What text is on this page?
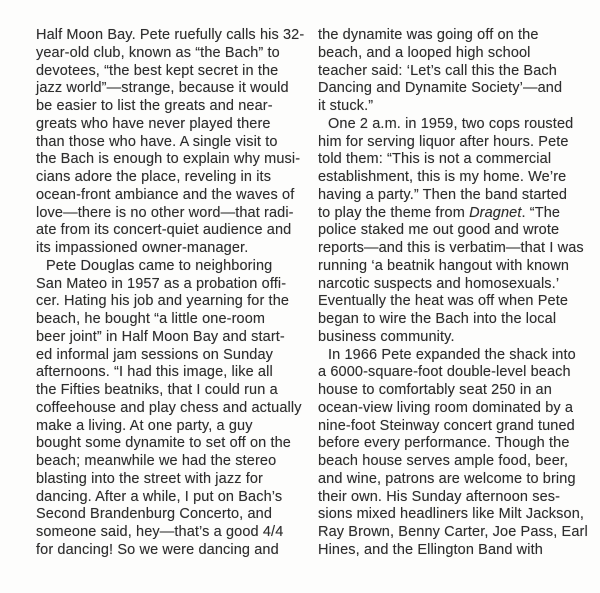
Half Moon Bay. Pete ruefully calls his 32-
year-old club, known as “the Bach” to
devotees, “the best kept secret in the
jazz world”—strange, because it would
be easier to list the greats and near-
greats who have never played there
than those who have. A single visit to
the Bach is enough to explain why musi-
cians adore the place, reveling in its
ocean-front ambiance and the waves of
love—there is no other word—that radi-
ate from its concert-quiet audience and
its impassioned owner-manager.
Pete Douglas came to neighboring
San Mateo in 1957 as a probation offi-
cer. Hating his job and yearning for the
beach, he bought “a little one-room
beer joint” in Half Moon Bay and start-
ed informal jam sessions on Sunday
afternoons. “I had this image, like all
the Fifties beatniks, that I could run a
coffeehouse and play chess and actually
make a living. At one party, a guy
bought some dynamite to set off on the
beach; meanwhile we had the stereo
blasting into the street with jazz for
dancing. After a while, I put on Bach’s
Second Brandenburg Concerto, and
someone said, hey—that’s a good 4/4
for dancing! So we were dancing and
the dynamite was going off on the
beach, and a looped high school
teacher said: ‘Let’s call this the Bach
Dancing and Dynamite Society’—and
it stuck.”
One 2 a.m. in 1959, two cops rousted
him for serving liquor after hours. Pete
told them: “This is not a commercial
establishment, this is my home. We’re
having a party.” Then the band started
to play the theme from Dragnet. “The
police staked me out good and wrote
reports—and this is verbatim—that I was
running ‘a beatnik hangout with known
narcotic suspects and homosexuals.’
Eventually the heat was off when Pete
began to wire the Bach into the local
business community.
In 1966 Pete expanded the shack into
a 6000-square-foot double-level beach
house to comfortably seat 250 in an
ocean-view living room dominated by a
nine-foot Steinway concert grand tuned
before every performance. Though the
beach house serves ample food, beer,
and wine, patrons are welcome to bring
their own. His Sunday afternoon ses-
sions mixed headliners like Milt Jackson,
Ray Brown, Benny Carter, Joe Pass, Earl
Hines, and the Ellington Band with
